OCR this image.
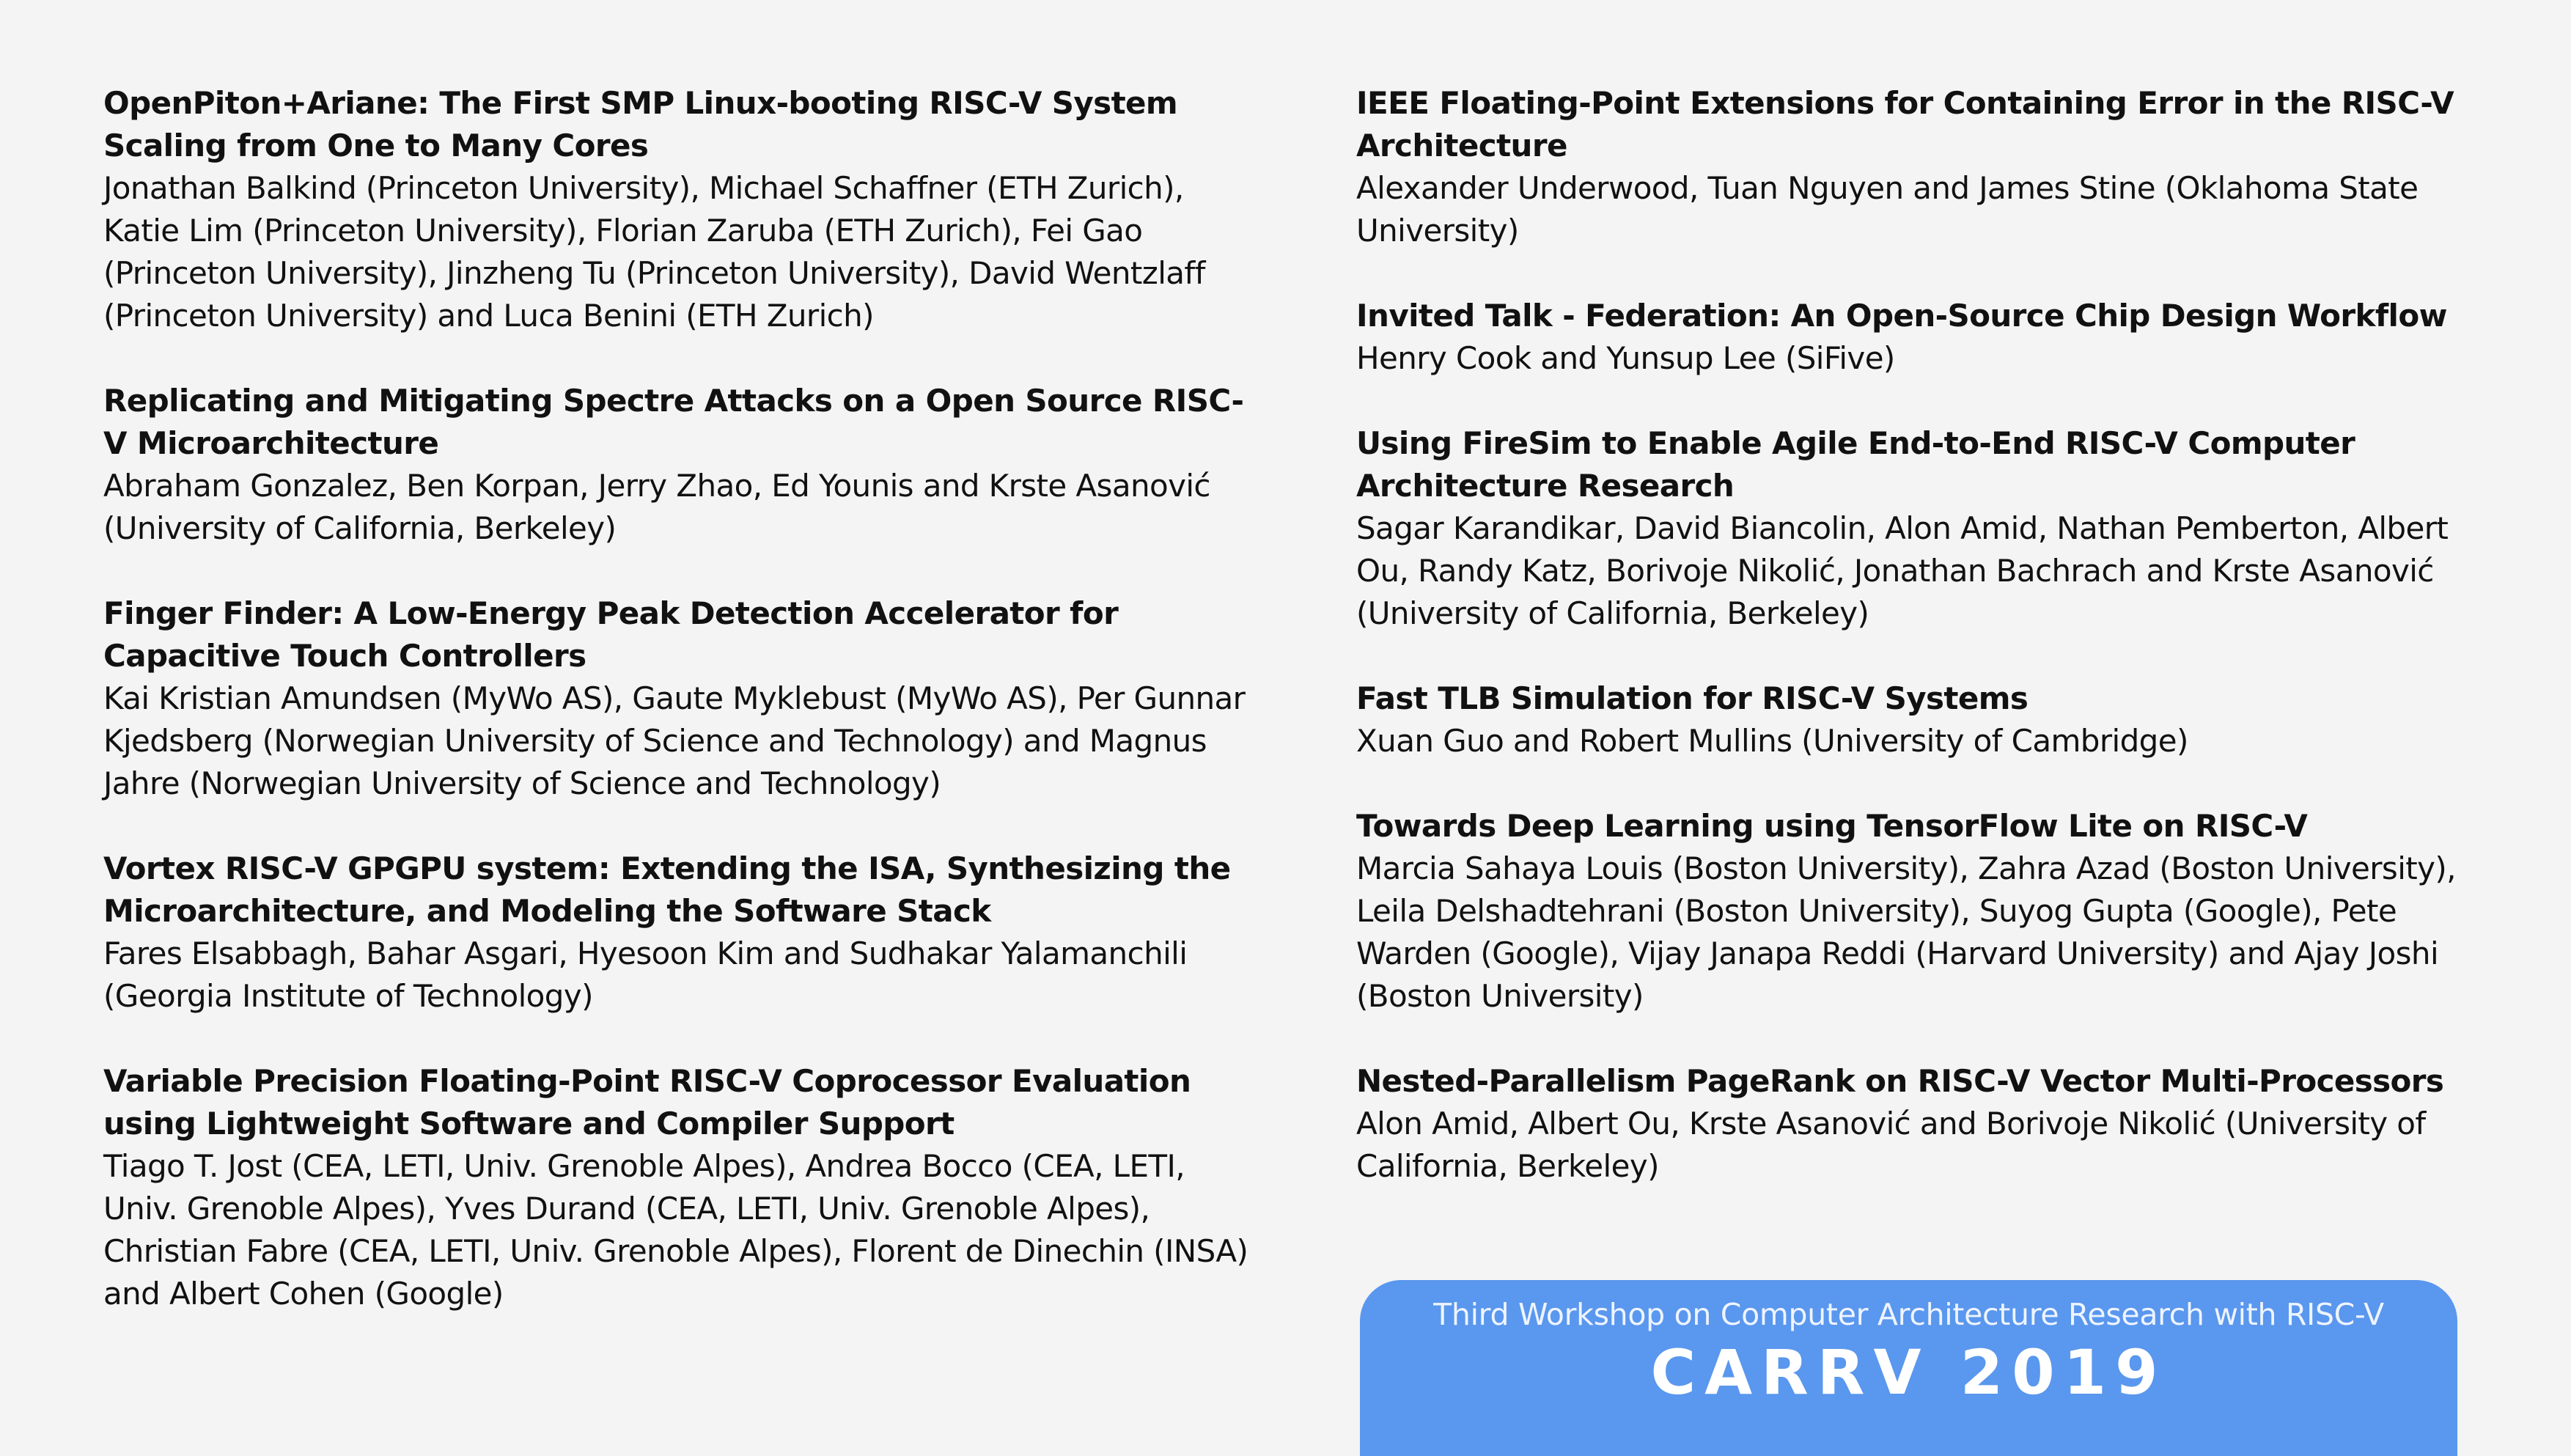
OpenPiton+Ariane: The First SMP Linux-booting RISC-V System Scaling from One to Many Cores

Jonathan Balkind (Princeton University), Michael Schaffner (ETH Zurich), Katie Lim (Princeton University), Florian Zaruba (ETH Zurich), Fei Gao (Princeton University), Jinzheng Tu (Princeton University), David Wentzlaff (Princeton University) and Luca Benini (ETH Zurich)

Replicating and Mitigating Spectre Attacks on a Open Source RISC-V Microarchitecture

Abraham Gonzalez, Ben Korpan, Jerry Zhao, Ed Younis and Krste Asanović (University of California, Berkeley)

Finger Finder: A Low-Energy Peak Detection Accelerator for Capacitive Touch Controllers

Kai Kristian Amundsen (MyWo AS), Gaute Myklebust (MyWo AS), Per Gunnar Kjedsberg (Norwegian University of Science and Technology) and Magnus Jahre (Norwegian University of Science and Technology)

Vortex RISC-V GPGPU system: Extending the ISA, Synthesizing the Microarchitecture, and Modeling the Software Stack

Fares Elsabbagh, Bahar Asgari, Hyesoon Kim and Sudhakar Yalamanchili (Georgia Institute of Technology)

Variable Precision Floating-Point RISC-V Coprocessor Evaluation using Lightweight Software and Compiler Support

Tiago T. Jost (CEA, LETI, Univ. Grenoble Alpes), Andrea Bocco (CEA, LETI, Univ. Grenoble Alpes), Yves Durand (CEA, LETI, Univ. Grenoble Alpes), Christian Fabre (CEA, LETI, Univ. Grenoble Alpes), Florent de Dinechin (INSA) and Albert Cohen (Google)

IEEE Floating-Point Extensions for Containing Error in the RISC-V Architecture

Alexander Underwood, Tuan Nguyen and James Stine (Oklahoma State University)

Invited Talk - Federation: An Open-Source Chip Design Workflow

Henry Cook and Yunsup Lee (SiFive)

Using FireSim to Enable Agile End-to-End RISC-V Computer Architecture Research

Sagar Karandikar, David Biancolin, Alon Amid, Nathan Pemberton, Albert Ou, Randy Katz, Borivoje Nikolić, Jonathan Bachrach and Krste Asanović (University of California, Berkeley)

Fast TLB Simulation for RISC-V Systems

Xuan Guo and Robert Mullins (University of Cambridge)

Towards Deep Learning using TensorFlow Lite on RISC-V

Marcia Sahaya Louis (Boston University), Zahra Azad (Boston University), Leila Delshadtehrani (Boston University), Suyog Gupta (Google), Pete Warden (Google), Vijay Janapa Reddi (Harvard University) and Ajay Joshi (Boston University)

Nested-Parallelism PageRank on RISC-V Vector Multi-Processors

Alon Amid, Albert Ou, Krste Asanović and Borivoje Nikolić (University of California, Berkeley)

Third Workshop on Computer Architecture Research with RISC-V
CARRV 2019
